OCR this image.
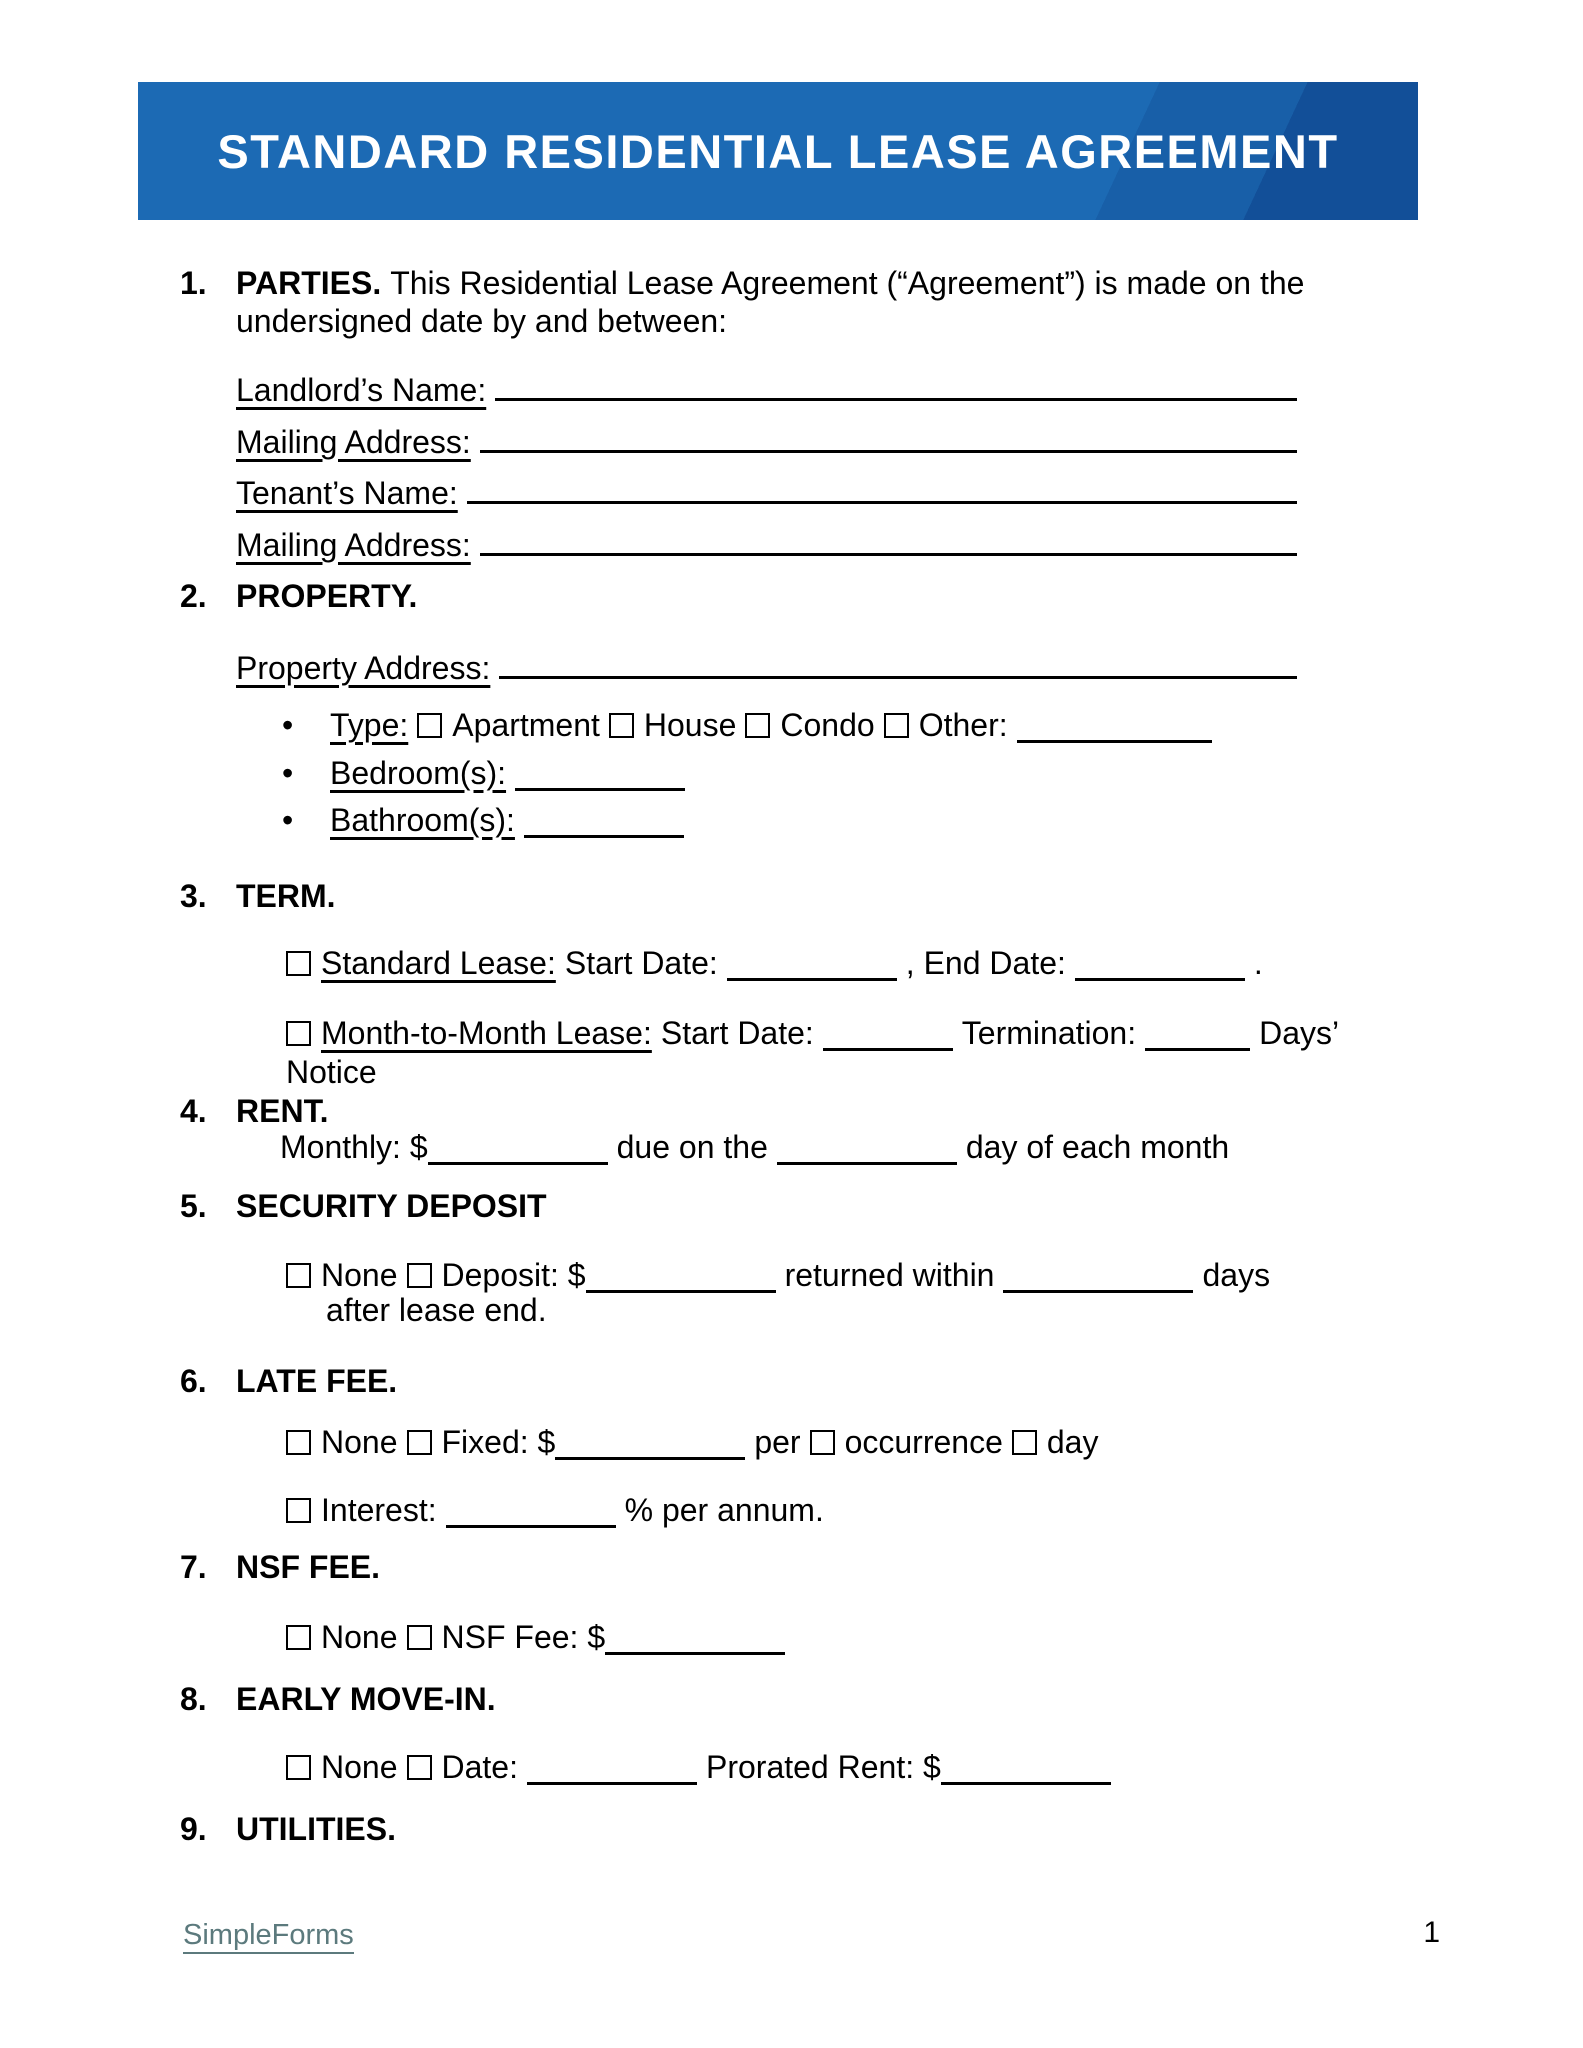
STANDARD RESIDENTIAL LEASE AGREEMENT
1. PARTIES. This Residential Lease Agreement (“Agreement”) is made on the
undersigned date by and between:
Landlord’s Name:
Mailing Address:
Tenant’s Name:
Mailing Address:
2. PROPERTY.
Property Address:
• Type: Apartment House Condo Other:
• Bedroom(s):
• Bathroom(s):
3. TERM.
Standard Lease: Start Date:	, End Date:	.
Month-to-Month Lease: Start Date:	Termination:	Days’
Notice
4. RENT.
Monthly: $	due on the	day of each month
5. SECURITY DEPOSIT
None Deposit: $	returned within	days
after lease end.
6. LATE FEE.
None Fixed: $	per occurrence day
Interest:	% per annum.
7. NSF FEE.
None NSF Fee: $
8. EARLY MOVE-IN.
None Date:	Prorated Rent: $
9. UTILITIES.
SimpleForms	1
